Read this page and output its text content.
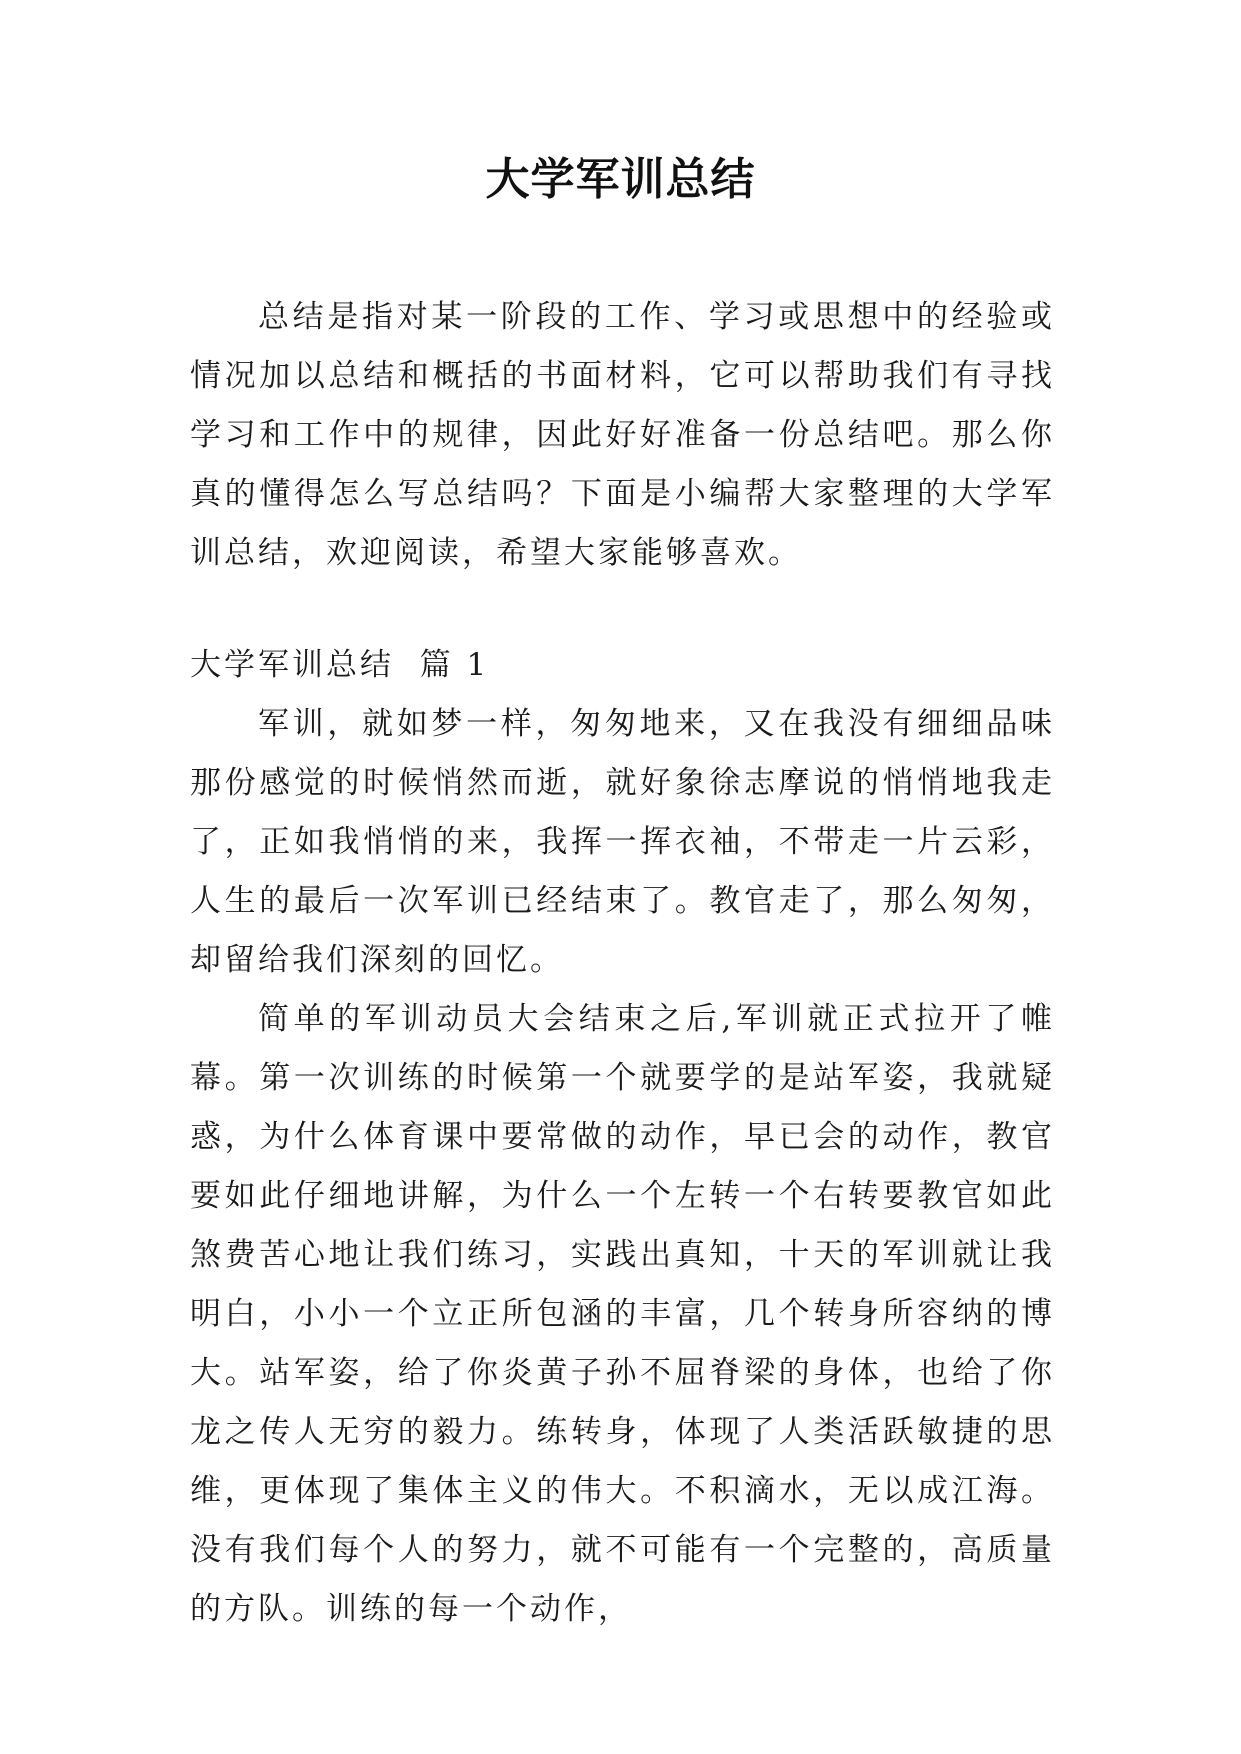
大学军训总结

总结是指对某一阶段的工作、学习或思想中的经验或情况加以总结和概括的书面材料，它可以帮助我们有寻找学习和工作中的规律，因此好好准备一份总结吧。那么你真的懂得怎么写总结吗？下面是小编帮大家整理的大学军训总结，欢迎阅读，希望大家能够喜欢。

大学军训总结  篇 1

军训，就如梦一样，匆匆地来，又在我没有细细品味那份感觉的时候悄然而逝，就好象徐志摩说的悄悄地我走了，正如我悄悄的来，我挥一挥衣袖，不带走一片云彩，人生的最后一次军训已经结束了。教官走了，那么匆匆，却留给我们深刻的回忆。

简单的军训动员大会结束之后,军训就正式拉开了帷幕。第一次训练的时候第一个就要学的是站军姿，我就疑惑，为什么体育课中要常做的动作，早已会的动作，教官要如此仔细地讲解，为什么一个左转一个右转要教官如此煞费苦心地让我们练习，实践出真知，十天的军训就让我明白，小小一个立正所包涵的丰富，几个转身所容纳的博大。站军姿，给了你炎黄子孙不屈脊梁的身体，也给了你龙之传人无穷的毅力。练转身，体现了人类活跃敏捷的思维，更体现了集体主义的伟大。不积滴水，无以成江海。没有我们每个人的努力，就不可能有一个完整的，高质量的方队。训练的每一个动作，
